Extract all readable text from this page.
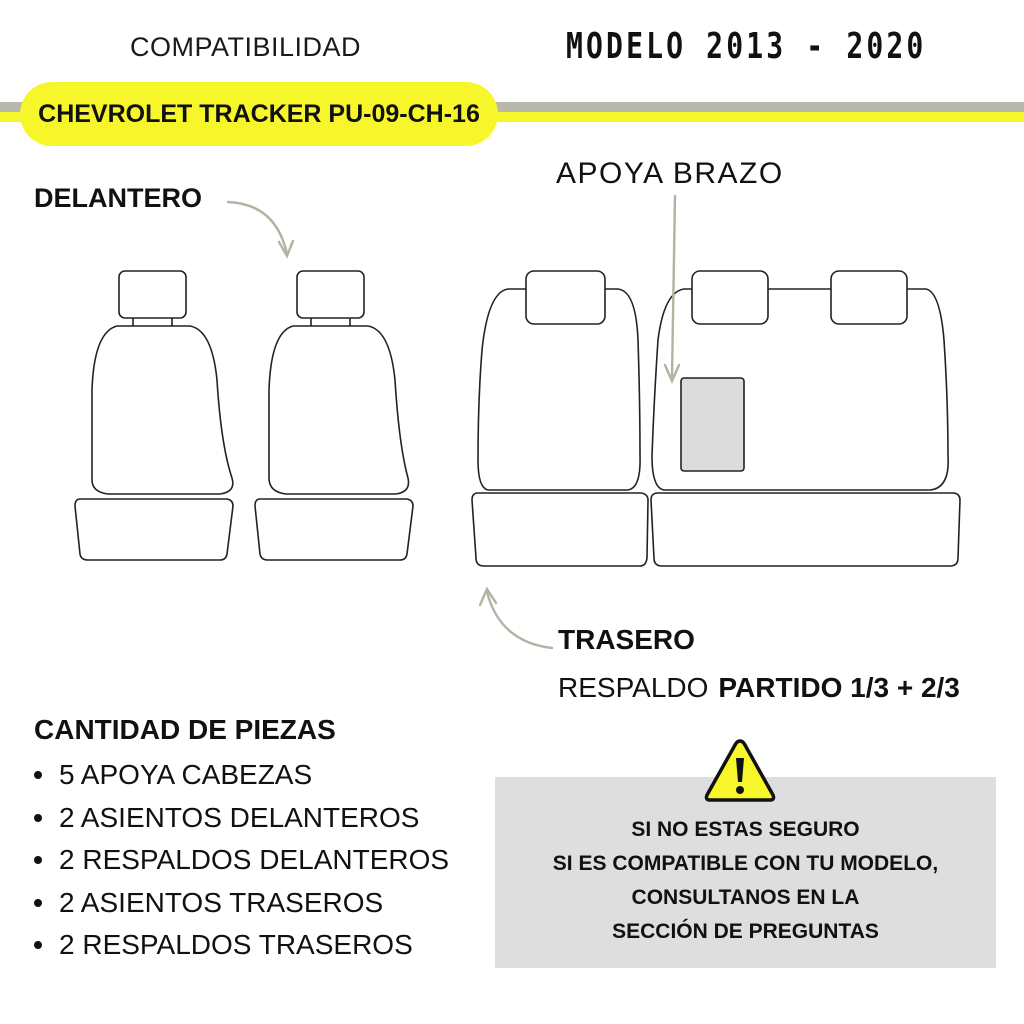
COMPATIBILIDAD	MODELO 2013 - 2020
CHEVROLET TRACKER PU-09-CH-16
DELANTERO
APOYA BRAZO
TRASERO
RESPALDO PARTIDO 1/3 + 2/3
CANTIDAD DE PIEZAS
5 APOYA CABEZAS
2 ASIENTOS DELANTEROS
2 RESPALDOS DELANTEROS
2 ASIENTOS TRASEROS
2 RESPALDOS TRASEROS
SI NO ESTAS SEGURO
SI ES COMPATIBLE CON TU MODELO,
CONSULTANOS EN LA
SECCIÓN DE PREGUNTAS
